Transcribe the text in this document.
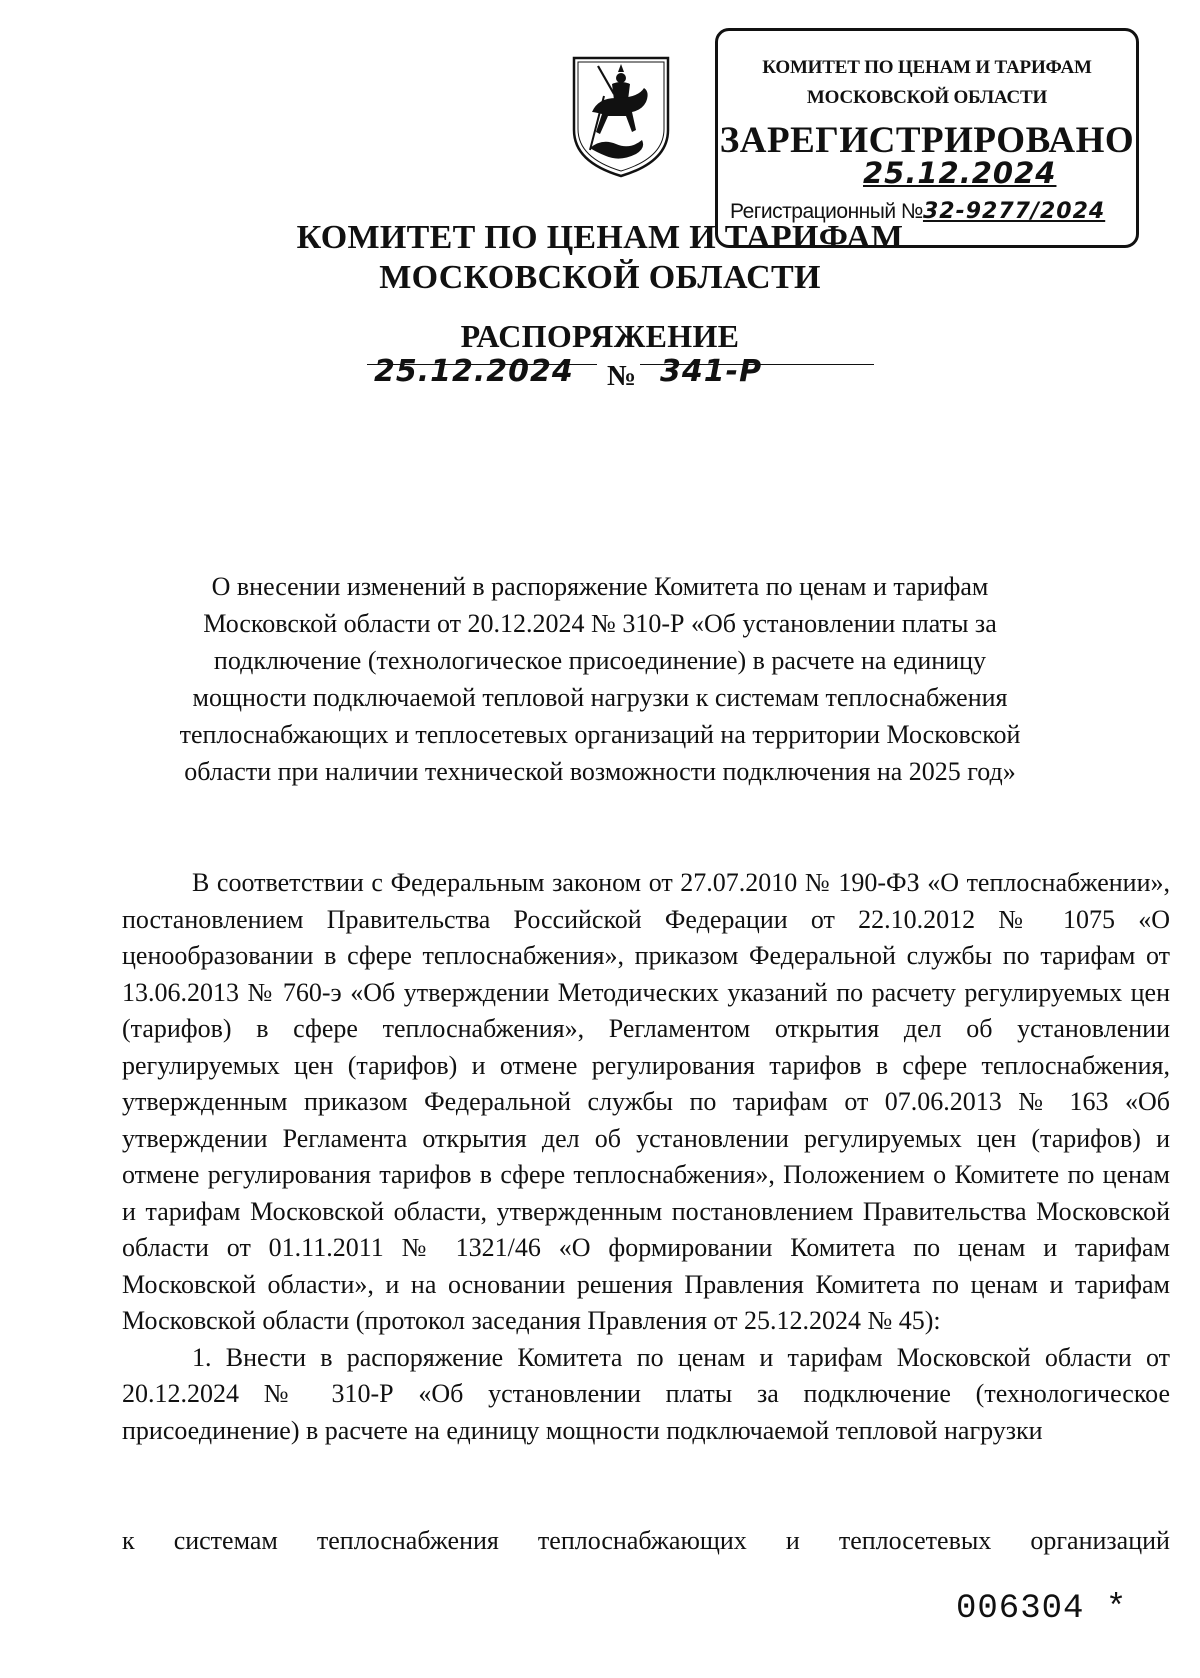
КОМИТЕТ ПО ЦЕНАМ И ТАРИФАМ
МОСКОВСКОЙ ОБЛАСТИ
ЗАРЕГИСТРИРОВАНО
25.12.2024
Регистрационный №32-9277/2024
КОМИТЕТ ПО ЦЕНАМ И ТАРИФАМ
МОСКОВСКОЙ ОБЛАСТИ
РАСПОРЯЖЕНИЕ
25.12.2024 № 341-Р
О внесении изменений в распоряжение Комитета по ценам и тарифам Московской области от 20.12.2024 № 310-Р «Об установлении платы за подключение (технологическое присоединение) в расчете на единицу мощности подключаемой тепловой нагрузки к системам теплоснабжения теплоснабжающих и теплосетевых организаций на территории Московской области при наличии технической возможности подключения на 2025 год»

В соответствии с Федеральным законом от 27.07.2010 № 190-ФЗ «О теплоснабжении», постановлением Правительства Российской Федерации от 22.10.2012 № 1075 «О ценообразовании в сфере теплоснабжения», приказом Федеральной службы по тарифам от 13.06.2013 № 760-э «Об утверждении Методических указаний по расчету регулируемых цен (тарифов) в сфере теплоснабжения», Регламентом открытия дел об установлении регулируемых цен (тарифов) и отмене регулирования тарифов в сфере теплоснабжения, утвержденным приказом Федеральной службы по тарифам от 07.06.2013 № 163 «Об утверждении Регламента открытия дел об установлении регулируемых цен (тарифов) и отмене регулирования тарифов в сфере теплоснабжения», Положением о Комитете по ценам и тарифам Московской области, утвержденным постановлением Правительства Московской области от 01.11.2011 № 1321/46 «О формировании Комитета по ценам и тарифам Московской области», и на основании решения Правления Комитета по ценам и тарифам Московской области (протокол заседания Правления от 25.12.2024 № 45):

1. Внести в распоряжение Комитета по ценам и тарифам Московской области от 20.12.2024 № 310-Р «Об установлении платы за подключение (технологическое присоединение) в расчете на единицу мощности подключаемой тепловой нагрузки

к системам теплоснабжения теплоснабжающих и теплосетевых организаций
006304 *
